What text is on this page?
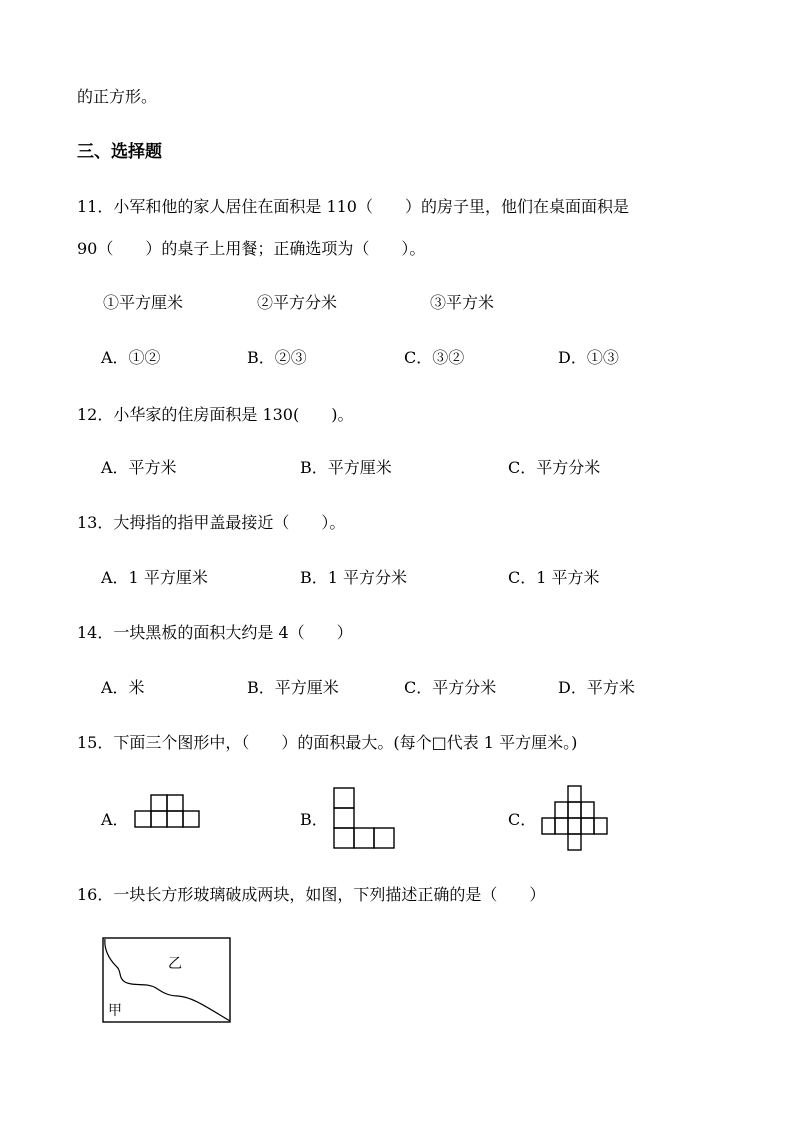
的正方形。
三、选择题
11．小军和他的家人居住在面积是 110（　　）的房子里，他们在桌面面积是
90（　　）的桌子上用餐；正确选项为（　　）。
①平方厘米	②平方分米	③平方米
A．①②	B．②③	C．③②	D．①③
12．小华家的住房面积是 130(　　)。
A．平方米	B．平方厘米	C．平方分米
13．大拇指的指甲盖最接近（　　）。
A．1 平方厘米	B．1 平方分米	C．1 平方米
14．一块黑板的面积大约是 4（　　）
A．米	B．平方厘米	C．平方分米	D．平方米
15．下面三个图形中，（　　）的面积最大。(每个□代表 1 平方厘米。)
A．	B．	C．
16．一块长方形玻璃破成两块，如图，下列描述正确的是（　　）
乙
甲
